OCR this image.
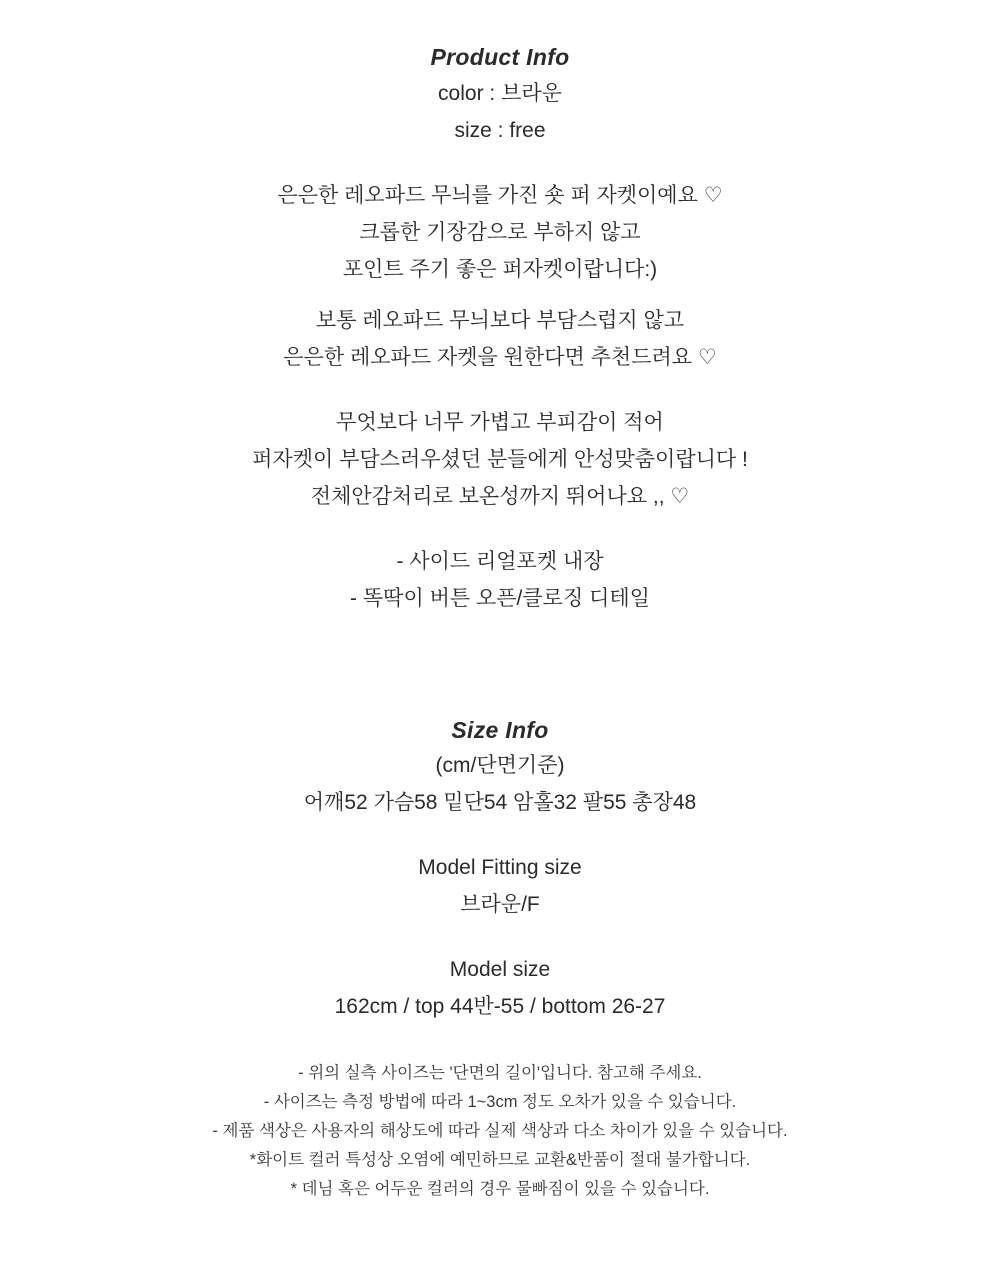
Product Info

color : 브라운

size : free

은은한 레오파드 무늬를 가진 숏 퍼 자켓이예요 ♡

크롭한 기장감으로 부하지 않고

포인트 주기 좋은 퍼자켓이랍니다:)

보통 레오파드 무늬보다 부담스럽지 않고

은은한 레오파드 자켓을 원한다면 추천드려요 ♡

무엇보다 너무 가볍고 부피감이 적어

퍼자켓이 부담스러우셨던 분들에게 안성맞춤이랍니다 !

전체안감처리로 보온성까지 뛰어나요 ,, ♡

- 사이드 리얼포켓 내장

- 똑딱이 버튼 오픈/클로징 디테일

Size Info

(cm/단면기준)

어깨52 가슴58 밑단54 암홀32 팔55 총장48

Model Fitting size

브라운/F

Model size

162cm / top 44반-55 / bottom 26-27

- 위의 실측 사이즈는 '단면의 길이'입니다. 참고해 주세요.

- 사이즈는 측정 방법에 따라 1~3cm 정도 오차가 있을 수 있습니다.

- 제품 색상은 사용자의 해상도에 따라 실제 색상과 다소 차이가 있을 수 있습니다.

*화이트 컬러 특성상 오염에 예민하므로 교환&반품이 절대 불가합니다.

* 데님 혹은 어두운 컬러의 경우 물빠짐이 있을 수 있습니다.
